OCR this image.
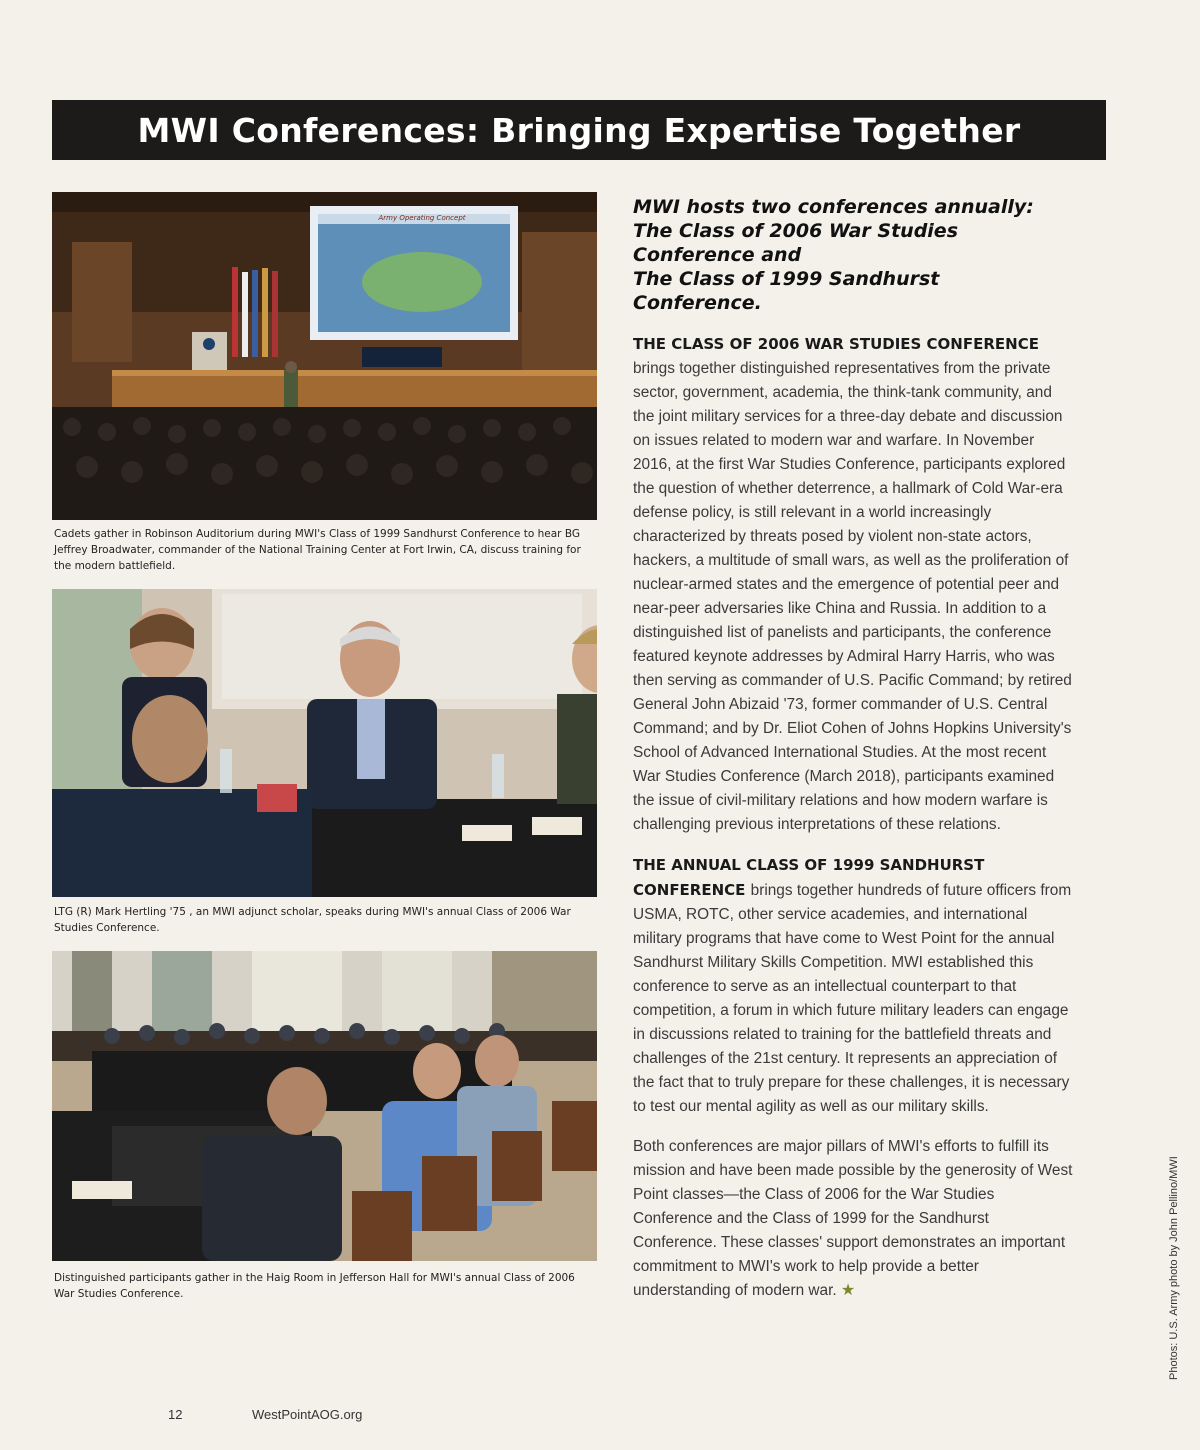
MWI Conferences: Bringing Expertise Together
Army Operating Concept
Cadets gather in Robinson Auditorium during MWI's Class of 1999 Sandhurst Conference to hear BG Jeffrey Broadwater, commander of the National Training Center at Fort Irwin, CA, discuss training for the modern battlefield.
LTG (R) Mark Hertling '75 , an MWI adjunct scholar, speaks during MWI's annual Class of 2006 War Studies Conference.
Distinguished participants gather in the Haig Room in Jefferson Hall for MWI's annual Class of 2006 War Studies Conference.
MWI hosts two conferences annually:
The Class of 2006 War Studies Conference and
The Class of 1999 Sandhurst Conference.

THE CLASS OF 2006 WAR STUDIES CONFERENCE brings together distinguished representatives from the private sector, government, academia, the think-tank community, and the joint military services for a three-day debate and discussion on issues related to modern war and warfare. In November 2016, at the first War Studies Conference, participants explored the question of whether deterrence, a hallmark of Cold War-era defense policy, is still relevant in a world increasingly characterized by threats posed by violent non-state actors, hackers, a multitude of small wars, as well as the proliferation of nuclear-armed states and the emergence of potential peer and near-peer adversaries like China and Russia. In addition to a distinguished list of panelists and participants, the conference featured keynote addresses by Admiral Harry Harris, who was then serving as commander of U.S. Pacific Command; by retired General John Abizaid '73, former commander of U.S. Central Command; and by Dr. Eliot Cohen of Johns Hopkins University's School of Advanced International Studies. At the most recent War Studies Conference (March 2018), participants examined the issue of civil-military relations and how modern warfare is challenging previous interpretations of these relations.

THE ANNUAL CLASS OF 1999 SANDHURST CONFERENCE brings together hundreds of future officers from USMA, ROTC, other service academies, and international military programs that have come to West Point for the annual Sandhurst Military Skills Competition. MWI established this conference to serve as an intellectual counterpart to that competition, a forum in which future military leaders can engage in discussions related to training for the battlefield threats and challenges of the 21st century. It represents an appreciation of the fact that to truly prepare for these challenges, it is necessary to test our mental agility as well as our military skills.

Both conferences are major pillars of MWI's efforts to fulfill its mission and have been made possible by the generosity of West Point classes—the Class of 2006 for the War Studies Conference and the Class of 1999 for the Sandhurst Conference. These classes' support demonstrates an important commitment to MWI's work to help provide a better understanding of modern war. ★	Photos: U.S. Army photo by John Pellino/MWI
12	WestPointAOG.org
